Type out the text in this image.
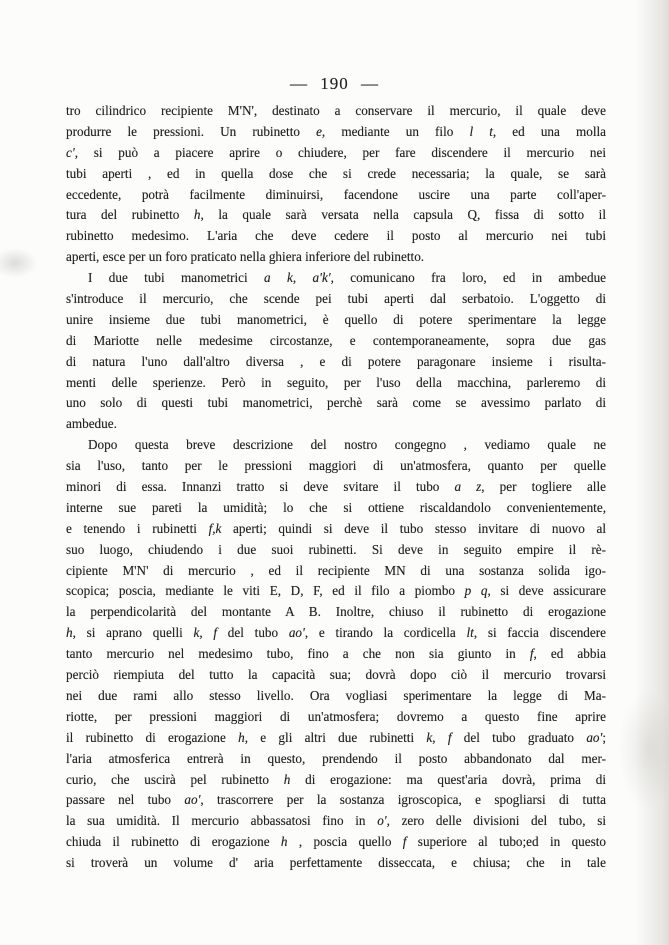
— 190 —
tro cilindrico recipiente M'N', destinato a conservare il mercurio, il quale deve
produrre le pressioni. Un rubinetto e, mediante un filo l t, ed una molla
c', si può a piacere aprire o chiudere, per fare discendere il mercurio nei
tubi aperti , ed in quella dose che si crede necessaria; la quale, se sarà
eccedente, potrà facilmente diminuirsi, facendone uscire una parte coll'aper-
tura del rubinetto h, la quale sarà versata nella capsula Q, fissa di sotto il
rubinetto medesimo. L'aria che deve cedere il posto al mercurio nei tubi
aperti, esce per un foro praticato nella ghiera inferiore del rubinetto.
I due tubi manometrici a k, a'k', comunicano fra loro, ed in ambedue
s'introduce il mercurio, che scende pei tubi aperti dal serbatoio. L'oggetto di
unire insieme due tubi manometrici, è quello di potere sperimentare la legge
di Mariotte nelle medesime circostanze, e contemporaneamente, sopra due gas
di natura l'uno dall'altro diversa , e di potere paragonare insieme i risulta-
menti delle sperienze. Però in seguito, per l'uso della macchina, parleremo di
uno solo di questi tubi manometrici, perchè sarà come se avessimo parlato di
ambedue.
Dopo questa breve descrizione del nostro congegno , vediamo quale ne
sia l'uso, tanto per le pressioni maggiori di un'atmosfera, quanto per quelle
minori di essa. Innanzi tratto si deve svitare il tubo a z, per togliere alle
interne sue pareti la umidità; lo che si ottiene riscaldandolo convenientemente,
e tenendo i rubinetti f,k aperti; quindi si deve il tubo stesso invitare di nuovo al
suo luogo, chiudendo i due suoi rubinetti. Si deve in seguito empire il rè-
cipiente M'N' di mercurio , ed il recipiente MN di una sostanza solida igo-
scopica; poscia, mediante le viti E, D, F, ed il filo a piombo p q, si deve assicurare
la perpendicolarità del montante A B. Inoltre, chiuso il rubinetto di erogazione
h, si aprano quelli k, f del tubo ao', e tirando la cordicella lt, si faccia discendere
tanto mercurio nel medesimo tubo, fino a che non sia giunto in f, ed abbia
perciò riempiuta del tutto la capacità sua; dovrà dopo ciò il mercurio trovarsi
nei due rami allo stesso livello. Ora vogliasi sperimentare la legge di Ma-
riotte, per pressioni maggiori di un'atmosfera; dovremo a questo fine aprire
il rubinetto di erogazione h, e gli altri due rubinetti k, f del tubo graduato ao';
l'aria atmosferica entrerà in questo, prendendo il posto abbandonato dal mer-
curio, che uscirà pel rubinetto h di erogazione: ma quest'aria dovrà, prima di
passare nel tubo ao', trascorrere per la sostanza igroscopica, e spogliarsi di tutta
la sua umidità. Il mercurio abbassatosi fino in o', zero delle divisioni del tubo, si
chiuda il rubinetto di erogazione h , poscia quello f superiore al tubo;ed in questo
si troverà un volume d' aria perfettamente disseccata, e chiusa; che in tale
